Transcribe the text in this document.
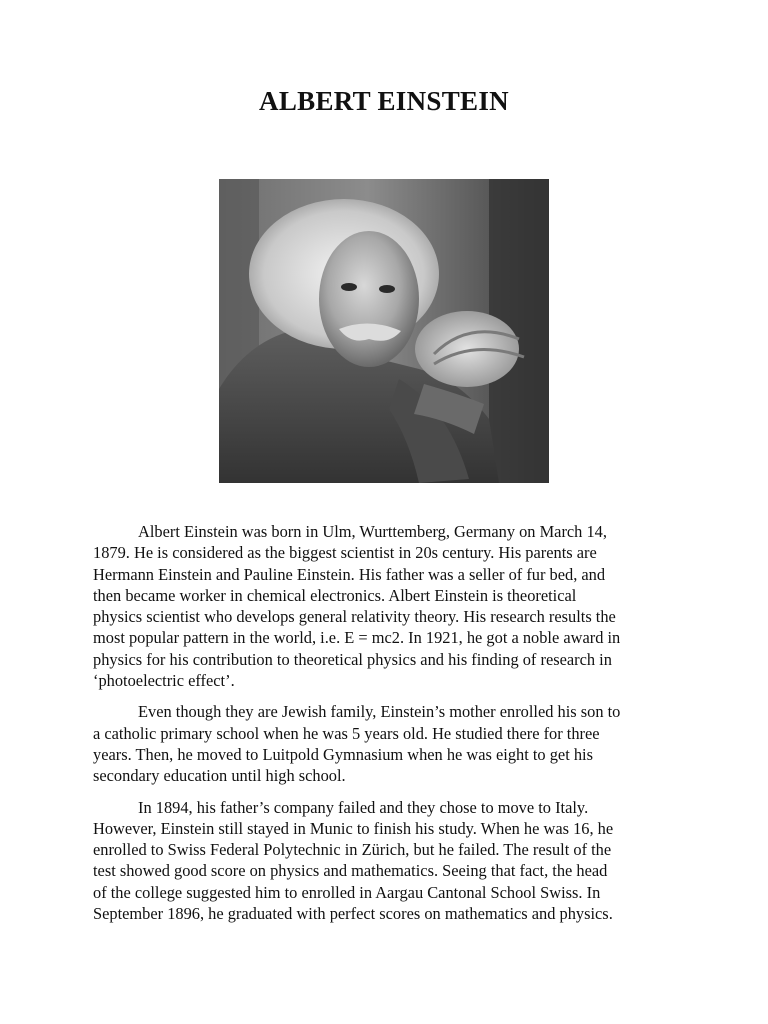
ALBERT EINSTEIN

Albert Einstein was born in Ulm, Wurttemberg, Germany on March 14,
1879. He is considered as the biggest scientist in 20s century. His parents are
Hermann Einstein and Pauline Einstein. His father was a seller of fur bed, and
then became worker in chemical electronics. Albert Einstein is theoretical
physics scientist who develops general relativity theory. His research results the
most popular pattern in the world, i.e. E = mc2. In 1921, he got a noble award in
physics for his contribution to theoretical physics and his finding of research in
‘photoelectric effect’.

Even though they are Jewish family, Einstein’s mother enrolled his son to
a catholic primary school when he was 5 years old. He studied there for three
years. Then, he moved to Luitpold Gymnasium when he was eight to get his
secondary education until high school.

In 1894, his father’s company failed and they chose to move to Italy.
However, Einstein still stayed in Munic to finish his study. When he was 16, he
enrolled to Swiss Federal Polytechnic in Zürich, but he failed. The result of the
test showed good score on physics and mathematics. Seeing that fact, the head
of the college suggested him to enrolled in Aargau Cantonal School Swiss. In
September 1896, he graduated with perfect scores on mathematics and physics.
